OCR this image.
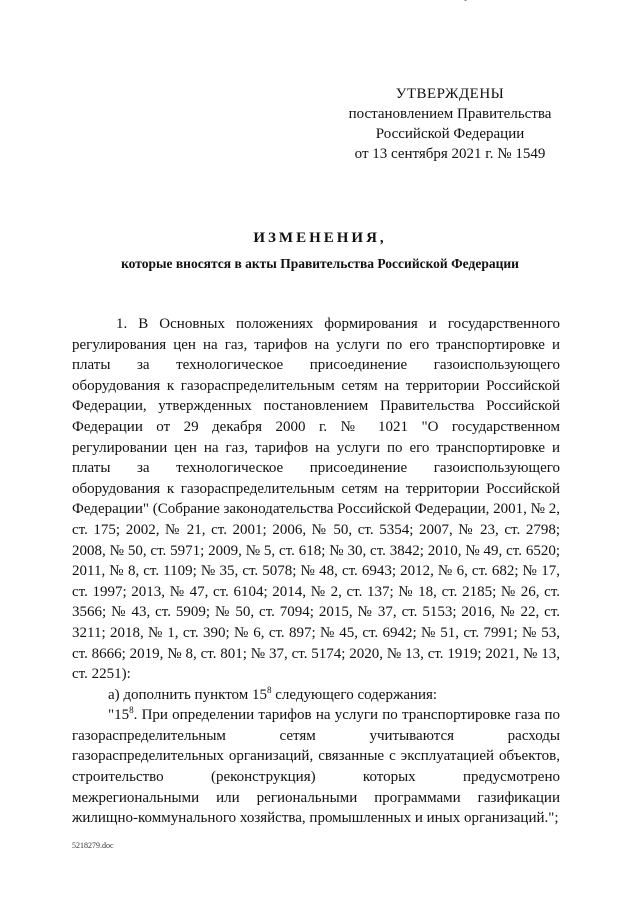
УТВЕРЖДЕНЫ
постановлением Правительства
Российской Федерации
от 13 сентября 2021 г. № 1549
ИЗМЕНЕНИЯ,
которые вносятся в акты Правительства Российской Федерации

1. В Основных положениях формирования и государственного регулирования цен на газ, тарифов на услуги по его транспортировке и платы за технологическое присоединение газоиспользующего оборудования к газораспределительным сетям на территории Российской Федерации, утвержденных постановлением Правительства Российской Федерации от 29 декабря 2000 г. № 1021 "О государственном регулировании цен на газ, тарифов на услуги по его транспортировке и платы за технологическое присоединение газоиспользующего оборудования к газораспределительным сетям на территории Российской Федерации" (Собрание законодательства Российской Федерации, 2001, № 2, ст. 175; 2002, № 21, ст. 2001; 2006, № 50, ст. 5354; 2007, № 23, ст. 2798; 2008, № 50, ст. 5971; 2009, № 5, ст. 618; № 30, ст. 3842; 2010, № 49, ст. 6520; 2011, № 8, ст. 1109; № 35, ст. 5078; № 48, ст. 6943; 2012, № 6, ст. 682; № 17, ст. 1997; 2013, № 47, ст. 6104; 2014, № 2, ст. 137; № 18, ст. 2185; № 26, ст. 3566; № 43, ст. 5909; № 50, ст. 7094; 2015, № 37, ст. 5153; 2016, № 22, ст. 3211; 2018, № 1, ст. 390; № 6, ст. 897; № 45, ст. 6942; № 51, ст. 7991; № 53, ст. 8666; 2019, № 8, ст. 801; № 37, ст. 5174; 2020, № 13, ст. 1919; 2021, № 13, ст. 2251):

а) дополнить пунктом $15^8$ следующего содержания:

"$15^8$. При определении тарифов на услуги по транспортировке газа по газораспределительным сетям учитываются расходы газораспределительных организаций, связанные с эксплуатацией объектов, строительство (реконструкция) которых предусмотрено межрегиональными или региональными программами газификации жилищно-коммунального хозяйства, промышленных и иных организаций.";

5218279.doc
